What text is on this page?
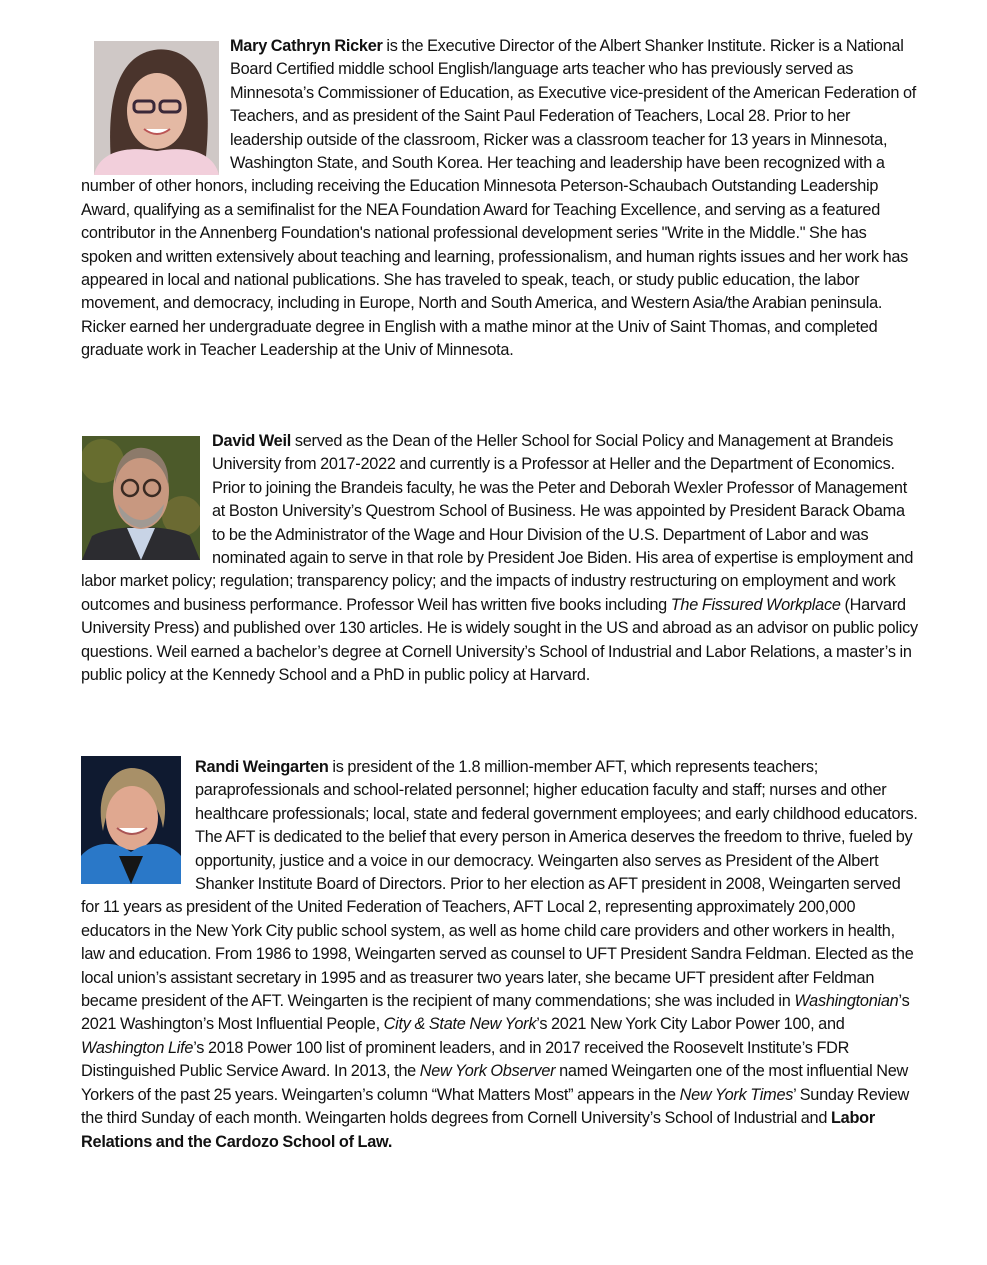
Mary Cathryn Ricker is the Executive Director of the Albert Shanker Institute. Ricker is a National Board Certified middle school English/language arts teacher who has previously served as Minnesota’s Commissioner of Education, as Executive vice-president of the American Federation of Teachers, and as president of the Saint Paul Federation of Teachers, Local 28. Prior to her leadership outside of the classroom, Ricker was a classroom teacher for 13 years in Minnesota, Washington State, and South Korea. Her teaching and leadership have been recognized with a number of other honors, including receiving the Education Minnesota Peterson-Schaubach Outstanding Leadership Award, qualifying as a semifinalist for the NEA Foundation Award for Teaching Excellence, and serving as a featured contributor in the Annenberg Foundation's national professional development series "Write in the Middle." She has spoken and written extensively about teaching and learning, professionalism, and human rights issues and her work has appeared in local and national publications. She has traveled to speak, teach, or study public education, the labor movement, and democracy, including in Europe, North and South America, and Western Asia/the Arabian peninsula. Ricker earned her undergraduate degree in English with a mathe minor at the Univ of Saint Thomas, and completed graduate work in Teacher Leadership at the Univ of Minnesota.

David Weil served as the Dean of the Heller School for Social Policy and Management at Brandeis University from 2017-2022 and currently is a Professor at Heller and the Department of Economics. Prior to joining the Brandeis faculty, he was the Peter and Deborah Wexler Professor of Management at Boston University’s Questrom School of Business. He was appointed by President Barack Obama to be the Administrator of the Wage and Hour Division of the U.S. Department of Labor and was nominated again to serve in that role by President Joe Biden. His area of expertise is employment and labor market policy; regulation; transparency policy; and the impacts of industry restructuring on employment and work outcomes and business performance. Professor Weil has written five books including The Fissured Workplace (Harvard University Press) and published over 130 articles. He is widely sought in the US and abroad as an advisor on public policy questions. Weil earned a bachelor’s degree at Cornell University’s School of Industrial and Labor Relations, a master’s in public policy at the Kennedy School and a PhD in public policy at Harvard.

Randi Weingarten is president of the 1.8 million-member AFT, which represents teachers; paraprofessionals and school-related personnel; higher education faculty and staff; nurses and other healthcare professionals; local, state and federal government employees; and early childhood educators. The AFT is dedicated to the belief that every person in America deserves the freedom to thrive, fueled by opportunity, justice and a voice in our democracy. Weingarten also serves as President of the Albert Shanker Institute Board of Directors. Prior to her election as AFT president in 2008, Weingarten served for 11 years as president of the United Federation of Teachers, AFT Local 2, representing approximately 200,000 educators in the New York City public school system, as well as home child care providers and other workers in health, law and education. From 1986 to 1998, Weingarten served as counsel to UFT President Sandra Feldman. Elected as the local union’s assistant secretary in 1995 and as treasurer two years later, she became UFT president after Feldman became president of the AFT. Weingarten is the recipient of many commendations; she was included in Washingtonian’s 2021 Washington’s Most Influential People, City & State New York’s 2021 New York City Labor Power 100, and Washington Life’s 2018 Power 100 list of prominent leaders, and in 2017 received the Roosevelt Institute’s FDR Distinguished Public Service Award. In 2013, the New York Observer named Weingarten one of the most influential New Yorkers of the past 25 years. Weingarten’s column “What Matters Most” appears in the New York Times’ Sunday Review the third Sunday of each month. Weingarten holds degrees from Cornell University’s School of Industrial and Labor Relations and the Cardozo School of Law.
